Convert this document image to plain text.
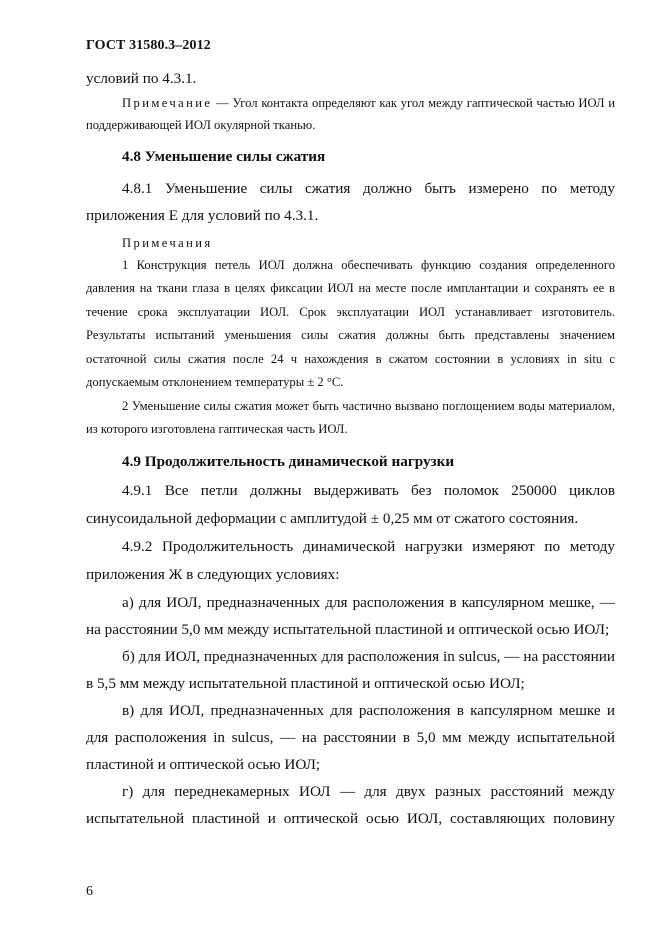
ГОСТ 31580.3–2012

условий по 4.3.1.

Примечание — Угол контакта определяют как угол между гаптической частью ИОЛ и поддерживающей ИОЛ окулярной тканью.

4.8 Уменьшение силы сжатия

4.8.1 Уменьшение силы сжатия должно быть измерено по методу приложения Е для условий по 4.3.1.

Примечания

1 Конструкция петель ИОЛ должна обеспечивать функцию создания определенного давления на ткани глаза в целях фиксации ИОЛ на месте после имплантации и сохранять ее в течение срока эксплуатации ИОЛ. Срок эксплуатации ИОЛ устанавливает изготовитель. Результаты испытаний уменьшения силы сжатия должны быть представлены значением остаточной силы сжатия после 24 ч нахождения в сжатом состоянии в условиях in situ с допускаемым отклонением температуры ± 2 °С.

2 Уменьшение силы сжатия может быть частично вызвано поглощением воды материалом, из которого изготовлена гаптическая часть ИОЛ.

4.9 Продолжительность динамической нагрузки

4.9.1 Все петли должны выдерживать без поломок 250000 циклов синусоидальной деформации с амплитудой ± 0,25 мм от сжатого состояния.

4.9.2 Продолжительность динамической нагрузки измеряют по методу приложения Ж в следующих условиях:

а) для ИОЛ, предназначенных для расположения в капсулярном мешке, — на расстоянии 5,0 мм между испытательной пластиной и оптической осью ИОЛ;

б) для ИОЛ, предназначенных для расположения in sulcus, — на расстоянии в 5,5 мм между испытательной пластиной и оптической осью ИОЛ;

в) для ИОЛ, предназначенных для расположения в капсулярном мешке и для расположения in sulcus, — на расстоянии в 5,0 мм между испытательной пластиной и оптической осью ИОЛ;

г) для переднекамерных ИОЛ — для двух разных расстояний между испытательной пластиной и оптической осью ИОЛ, составляющих половину

6
